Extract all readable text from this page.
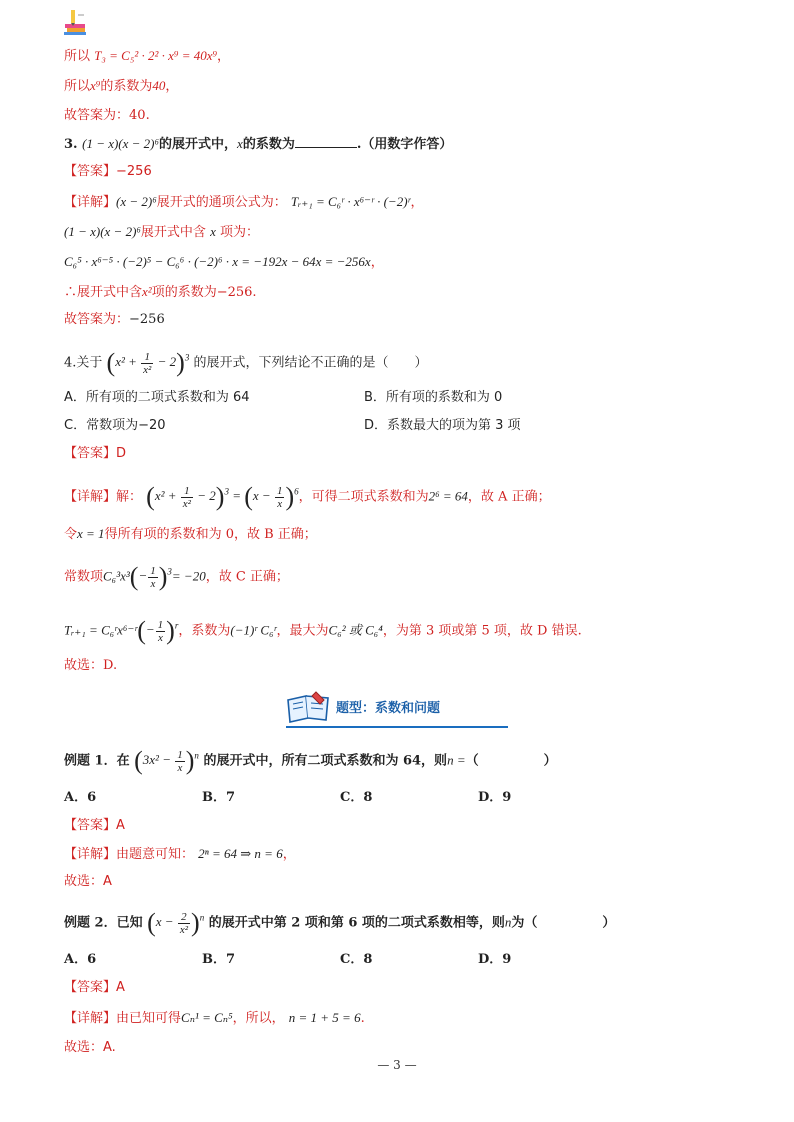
所以 T₃ = C₅² · 2² · x⁹ = 40x⁹，
所以x⁹的系数为40，
故答案为：40.
3. (1 − x)(x − 2)⁶的展开式中，x的系数为	.（用数字作答）
【答案】−256
【详解】(x − 2)⁶展开式的通项公式为： Tᵣ₊₁ = C₆ʳ · x⁶⁻ʳ · (−2)ʳ，
(1 − x)(x − 2)⁶展开式中含 x 项为：
C₆⁵ · x⁶⁻⁵ · (−2)⁵ − C₆⁶ · (−2)⁶ · x = −192x − 64x = −256x，
∴展开式中含x²项的系数为−256.
故答案为：−256
4.关于 $(x^2 + \frac{1}{\text{x²}} - 2)^3$ 的展开式，下列结论不正确的是（　　）
A．所有项的二项式系数和为 64	B．所有项的系数和为 0
C．常数项为−20	D．系数最大的项为第 3 项
【答案】D
【详解】解： $(x^2 + \frac{1}{\text{x²}} - 2)^3 = (x - \frac{1}{x} )^6$，可得二项式系数和为2⁶ = 64，故 A 正确；
令x = 1得所有项的系数和为 0，故 B 正确；
常数项$C_6^3x^3(- \frac{1}{x} )^3= -20$，故 C 正确；
Tᵣ₊₁ = C₆ʳx⁶⁻ʳ(− $\frac{1}{x} )^r$，系数为(−1)ʳ C₆ʳ，最大为C₆² 或 C₆⁴，为第 3 项或第 5 项，故 D 错误.
故选：D.
题型：系数和问题
例题 1．在 $(3x^2 - \frac{1}{x} )^n$ 的展开式中，所有二项式系数和为 64，则n =（　　　　　）
A．6	B．7	C．8	D．9
【答案】A
【详解】由题意可知： 2ⁿ = 64 ⇒ n = 6，
故选：A
例题 2．已知 $(x - \frac{2}{\text{x²}} )^n$ 的展开式中第 2 项和第 6 项的二项式系数相等，则n为（　　　　　）
A．6	B．7	C．8	D．9
【答案】A
【详解】由已知可得Cₙ¹ = Cₙ⁵，所以， n = 1 + 5 = 6.
故选：A.
— 3 —
